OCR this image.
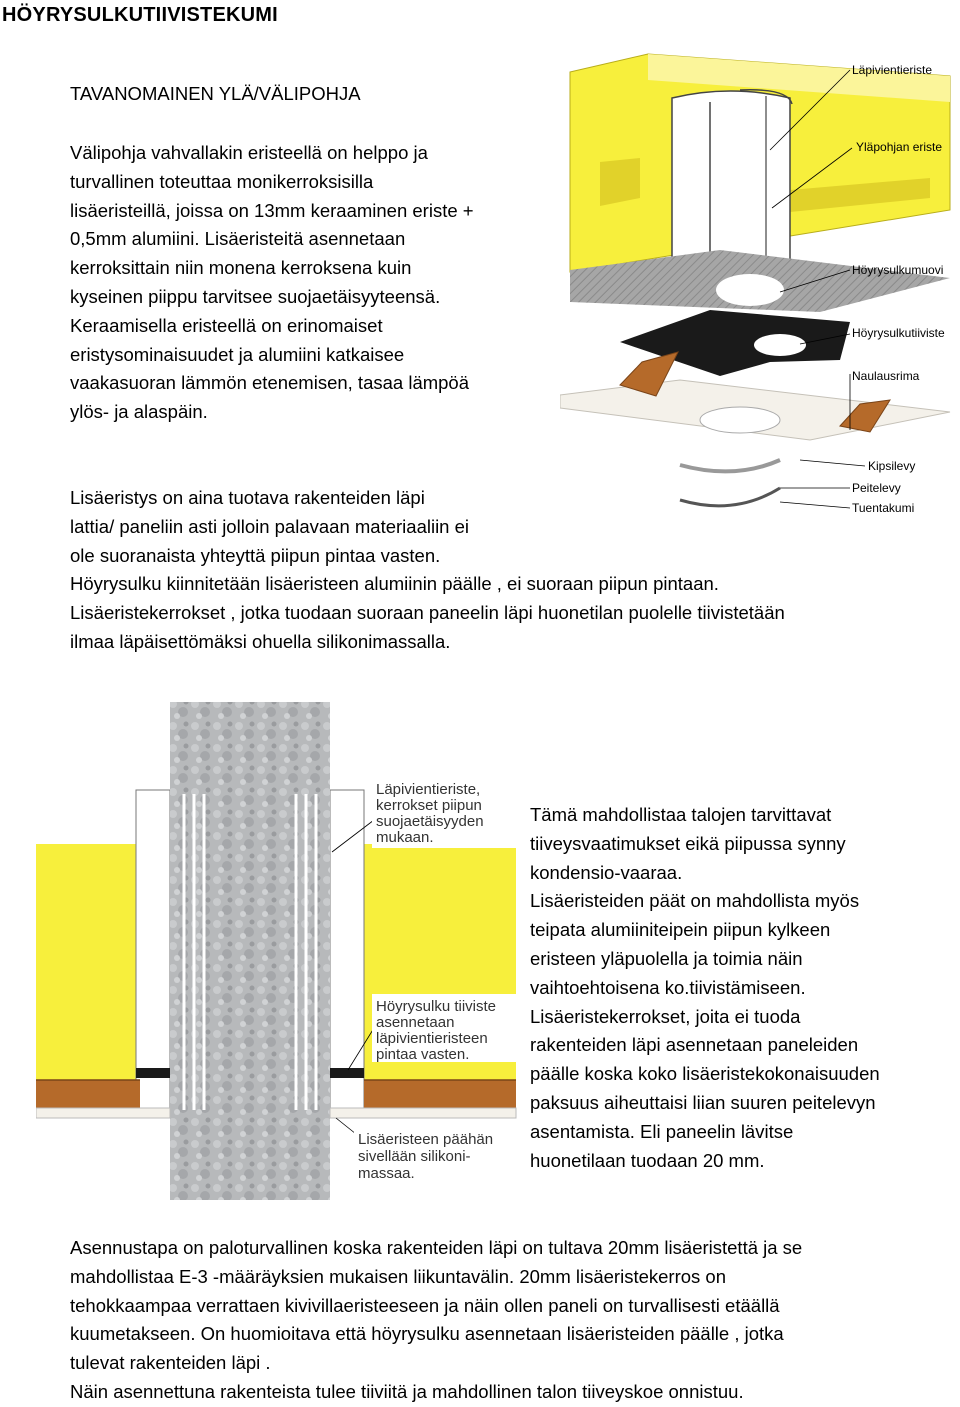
HÖYRYSULKUTIIVISTEKUMI
TAVANOMAINEN YLÄ/VÄLIPOHJA
Välipohja vahvallakin eristeellä on helppo ja
turvallinen toteuttaa monikerroksisilla
lisäeristeillä, joissa on 13mm keraaminen eriste +
0,5mm alumiini. Lisäeristeitä asennetaan
kerroksittain niin monena kerroksena kuin
kyseinen piippu tarvitsee suojaetäisyyteensä.
Keraamisella eristeellä on erinomaiset
eristysominaisuudet ja alumiini katkaisee
vaakasuoran lämmön etenemisen, tasaa lämpöä
ylös- ja alaspäin.
Lisäeristys on aina tuotava rakenteiden läpi
lattia/ paneliin asti jolloin palavaan materiaaliin ei
ole suoranaista yhteyttä piipun pintaa vasten.
Höyrysulku kiinnitetään lisäeristeen alumiinin päälle , ei suoraan piipun pintaan.
Lisäeristekerrokset , jotka tuodaan suoraan paneelin läpi huonetilan puolelle tiivistetään
ilmaa läpäisettömäksi ohuella silikonimassalla.
Tämä mahdollistaa talojen tarvittavat
tiiveysvaatimukset eikä piipussa synny
kondensio-vaaraa.
Lisäeristeiden päät on mahdollista myös
teipata alumiiniteipein piipun kylkeen
eristeen yläpuolella ja toimia näin
vaihtoehtoisena ko.tiivistämiseen.
Lisäeristekerrokset, joita ei tuoda
rakenteiden läpi asennetaan paneleiden
päälle koska koko lisäeristekokonaisuuden
paksuus aiheuttaisi liian suuren peitelevyn
asentamista. Eli paneelin lävitse
huonetilaan tuodaan 20 mm.
Asennustapa on paloturvallinen koska rakenteiden läpi on tultava 20mm lisäeristettä ja se
mahdollistaa E-3 -määräyksien mukaisen liikuntavälin. 20mm lisäeristekerros on
tehokkaampaa verrattaen kivivillaeristeeseen ja näin ollen paneli on turvallisesti etäällä
kuumetakseen. On huomioitava että höyrysulku asennetaan lisäeristeiden päälle , jotka
tulevat rakenteiden läpi .
Näin asennettuna rakenteista tulee tiiviitä ja mahdollinen talon tiiveyskoe onnistuu.
Läpivientieriste
Yläpohjan eriste
Höyrysulkumuovi
Höyrysulkutiiviste
Naulausrima
Kipsilevy
Peitelevy
Tuentakumi
Läpivientieriste, kerrokset piipun suojaetäisyyden mukaan.
Höyrysulku tiiviste asennetaan läpivientieristeen pintaa vasten.
Lisäeristeen päähän sivellään silikoni- massaa.
